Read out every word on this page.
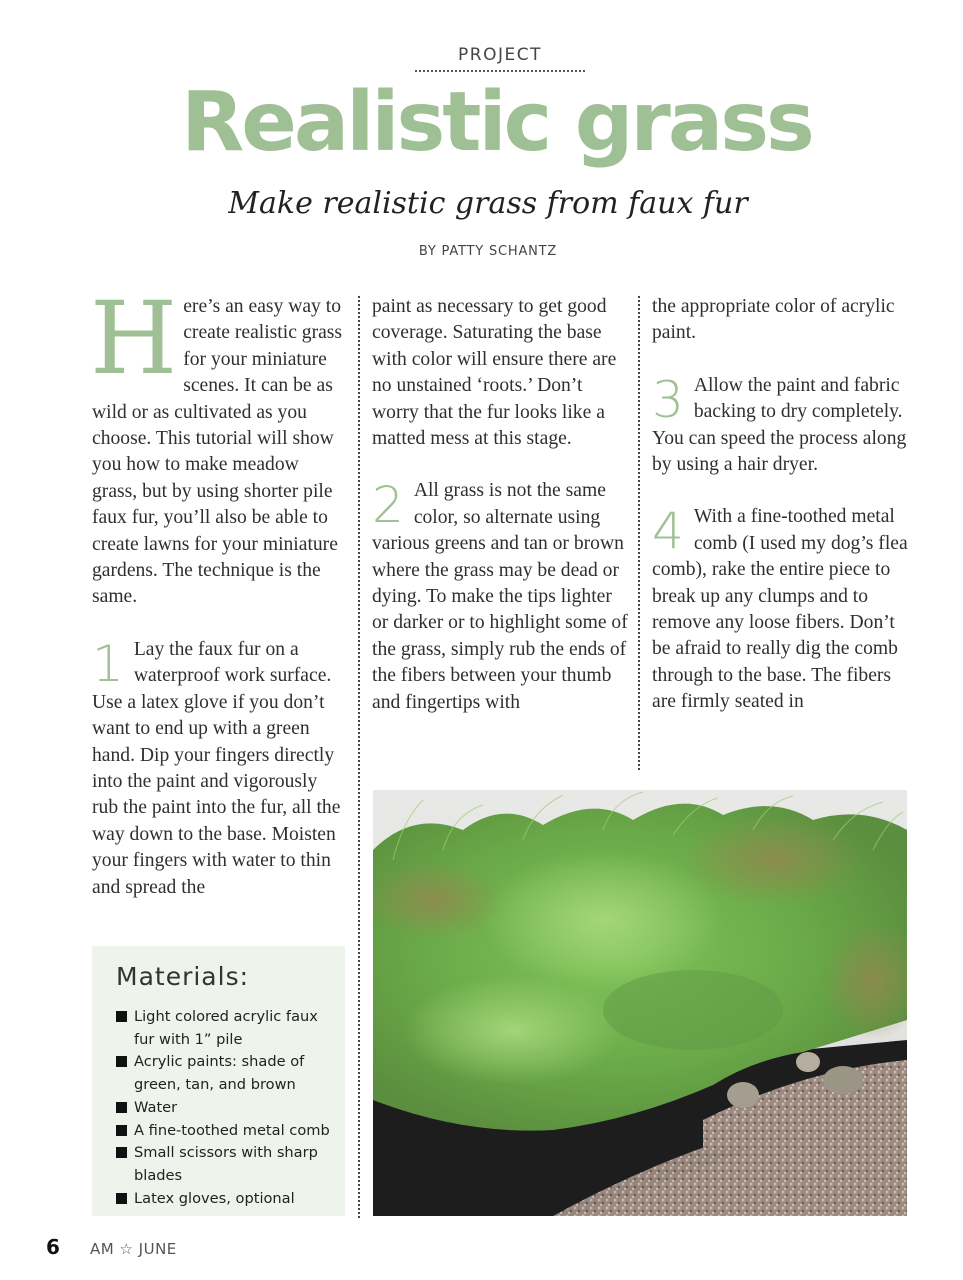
PROJECT
Realistic grass
Make realistic grass from faux fur
BY PATTY SCHANTZ

Here’s an easy way to create realistic grass for your miniature scenes. It can be as wild or as cultivated as you choose. This tutorial will show you how to make meadow grass, but by using shorter pile faux fur, you’ll also be able to create lawns for your miniature gardens. The technique is the same.

1 Lay the faux fur on a waterproof work surface. Use a latex glove if you don’t want to end up with a green hand. Dip your fingers directly into the paint and vigorously rub the paint into the fur, all the way down to the base. Moisten your fingers with water to thin and spread the

paint as necessary to get good coverage. Saturating the base with color will ensure there are no unstained ‘roots.’ Don’t worry that the fur looks like a matted mess at this stage.

2 All grass is not the same color, so alternate using various greens and tan or brown where the grass may be dead or dying. To make the tips lighter or darker or to highlight some of the grass, simply rub the ends of the fibers between your thumb and fingertips with

the appropriate color of acrylic paint.

3 Allow the paint and fabric backing to dry completely. You can speed the process along by using a hair dryer.

4 With a fine-toothed metal comb (I used my dog’s flea comb), rake the entire piece to break up any clumps and to remove any loose fibers. Don’t be afraid to really dig the comb through to the base. The fibers are firmly seated in

Materials:
Light colored acrylic faux fur with 1” pile
Acrylic paints: shade of green, tan, and brown
Water
A fine-toothed metal comb
Small scissors with sharp blades
Latex gloves, optional
6 AM ☆ JUNE
